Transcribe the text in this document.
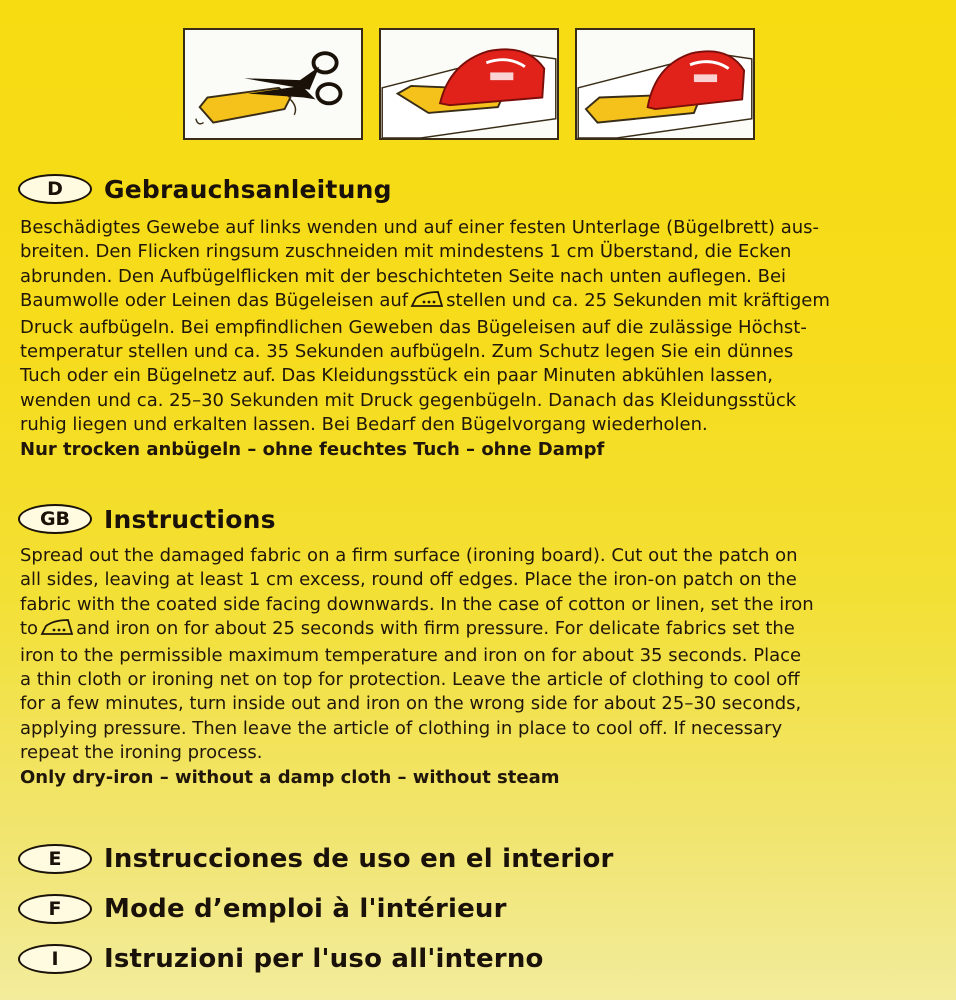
D	Gebrauchsanleitung
Beschädigtes Gewebe auf links wenden und auf einer festen Unterlage (Bügelbrett) aus-
breiten. Den Flicken ringsum zuschneiden mit mindestens 1 cm Überstand, die Ecken
abrunden. Den Aufbügelflicken mit der beschichteten Seite nach unten auflegen. Bei
Baumwolle oder Leinen das Bügeleisen auf stellen und ca. 25 Sekunden mit kräftigem
Druck aufbügeln. Bei empfindlichen Geweben das Bügeleisen auf die zulässige Höchst-
temperatur stellen und ca. 35 Sekunden aufbügeln. Zum Schutz legen Sie ein dünnes
Tuch oder ein Bügelnetz auf. Das Kleidungsstück ein paar Minuten abkühlen lassen,
wenden und ca. 25–30 Sekunden mit Druck gegenbügeln. Danach das Kleidungsstück
ruhig liegen und erkalten lassen. Bei Bedarf den Bügelvorgang wiederholen.
Nur trocken anbügeln – ohne feuchtes Tuch – ohne Dampf
GB	Instructions
Spread out the damaged fabric on a firm surface (ironing board). Cut out the patch on
all sides, leaving at least 1 cm excess, round off edges. Place the iron-on patch on the
fabric with the coated side facing downwards. In the case of cotton or linen, set the iron
to and iron on for about 25 seconds with firm pressure. For delicate fabrics set the
iron to the permissible maximum temperature and iron on for about 35 seconds. Place
a thin cloth or ironing net on top for protection. Leave the article of clothing to cool off
for a few minutes, turn inside out and iron on the wrong side for about 25–30 seconds,
applying pressure. Then leave the article of clothing in place to cool off. If necessary
repeat the ironing process.
Only dry-iron – without a damp cloth – without steam
E	Instrucciones de uso en el interior
F	Mode d’emploi à l'intérieur
I	Istruzioni per l'uso all'interno
